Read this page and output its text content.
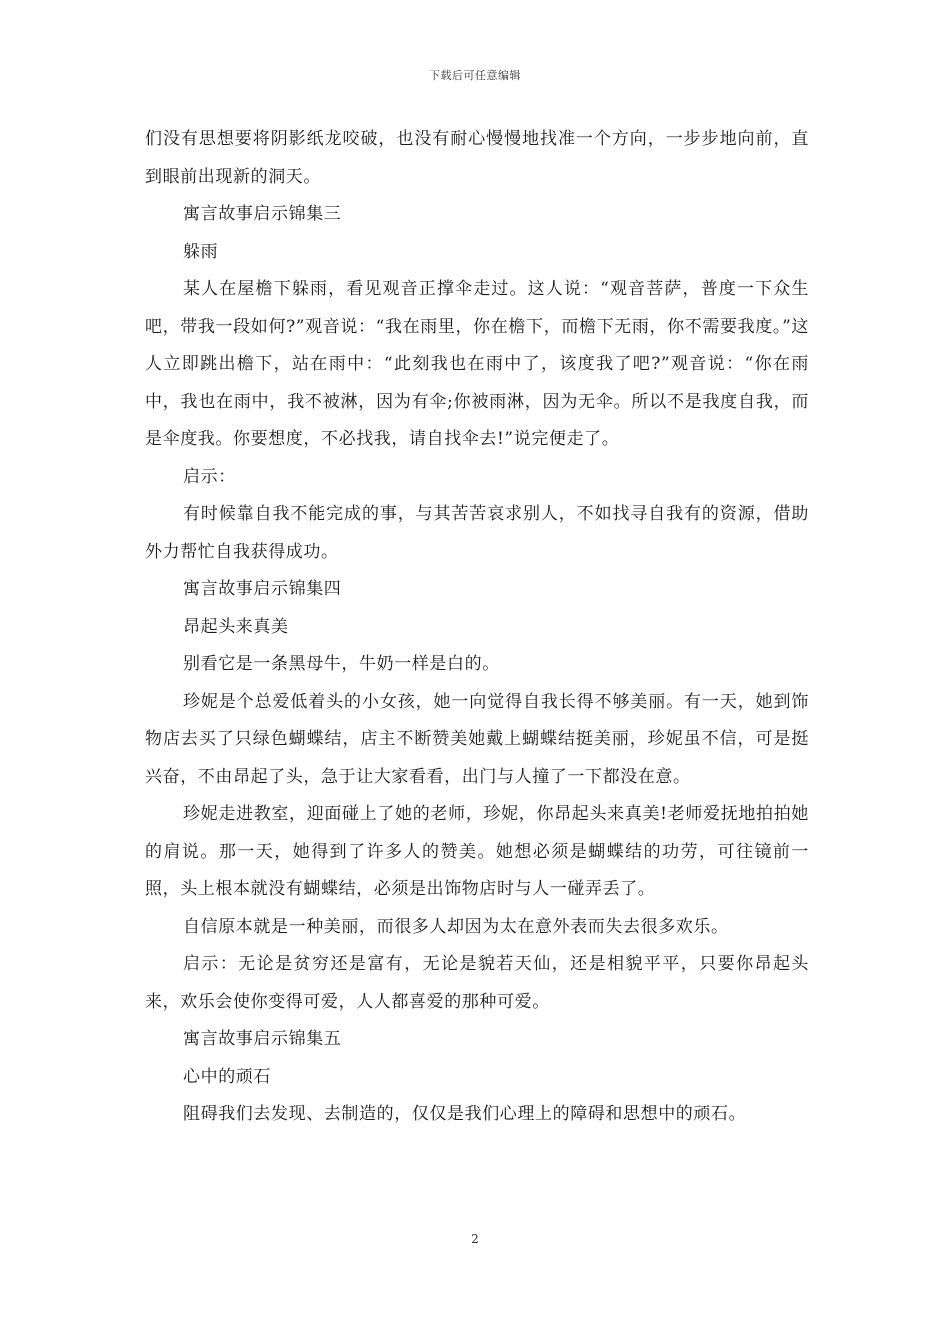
下载后可任意编辑

们没有思想要将阴影纸龙咬破，也没有耐心慢慢地找准一个方向，一步步地向前，直到眼前出现新的洞天。

寓言故事启示锦集三

躲雨

某人在屋檐下躲雨，看见观音正撑伞走过。这人说：“观音菩萨，普度一下众生吧，带我一段如何?”观音说：“我在雨里，你在檐下，而檐下无雨，你不需要我度。”这人立即跳出檐下，站在雨中：“此刻我也在雨中了，该度我了吧?”观音说：“你在雨中，我也在雨中，我不被淋，因为有伞;你被雨淋，因为无伞。所以不是我度自我，而是伞度我。你要想度，不必找我，请自找伞去!”说完便走了。

启示：

有时候靠自我不能完成的事，与其苦苦哀求别人，不如找寻自我有的资源，借助外力帮忙自我获得成功。

寓言故事启示锦集四

昂起头来真美

别看它是一条黑母牛，牛奶一样是白的。

珍妮是个总爱低着头的小女孩，她一向觉得自我长得不够美丽。有一天，她到饰物店去买了只绿色蝴蝶结，店主不断赞美她戴上蝴蝶结挺美丽，珍妮虽不信，可是挺兴奋，不由昂起了头，急于让大家看看，出门与人撞了一下都没在意。

珍妮走进教室，迎面碰上了她的老师，珍妮，你昂起头来真美!老师爱抚地拍拍她的肩说。那一天，她得到了许多人的赞美。她想必须是蝴蝶结的功劳，可往镜前一照，头上根本就没有蝴蝶结，必须是出饰物店时与人一碰弄丢了。

自信原本就是一种美丽，而很多人却因为太在意外表而失去很多欢乐。

启示：无论是贫穷还是富有，无论是貌若天仙，还是相貌平平，只要你昂起头来，欢乐会使你变得可爱，人人都喜爱的那种可爱。

寓言故事启示锦集五

心中的顽石

阻碍我们去发现、去制造的，仅仅是我们心理上的障碍和思想中的顽石。

2
